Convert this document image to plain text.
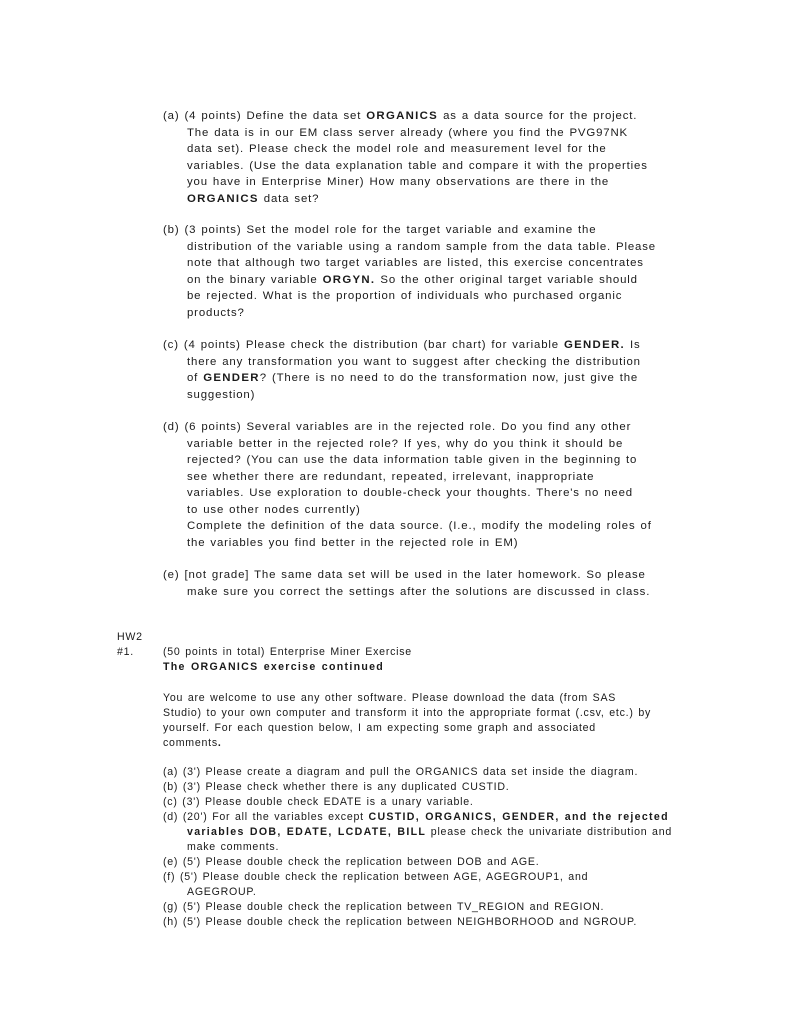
(a) (4 points) Define the data set ORGANICS as a data source for the project.
The data is in our EM class server already (where you find the PVG97NK
data set). Please check the model role and measurement level for the
variables. (Use the data explanation table and compare it with the properties
you have in Enterprise Miner) How many observations are there in the
ORGANICS data set?
(b) (3 points) Set the model role for the target variable and examine the
distribution of the variable using a random sample from the data table. Please
note that although two target variables are listed, this exercise concentrates
on the binary variable ORGYN. So the other original target variable should
be rejected. What is the proportion of individuals who purchased organic
products?
(c) (4 points) Please check the distribution (bar chart) for variable GENDER. Is
there any transformation you want to suggest after checking the distribution
of GENDER? (There is no need to do the transformation now, just give the
suggestion)
(d) (6 points) Several variables are in the rejected role. Do you find any other
variable better in the rejected role? If yes, why do you think it should be
rejected? (You can use the data information table given in the beginning to
see whether there are redundant, repeated, irrelevant, inappropriate
variables. Use exploration to double-check your thoughts. There's no need
to use other nodes currently)
Complete the definition of the data source. (I.e., modify the modeling roles of
the variables you find better in the rejected role in EM)
(e) [not grade] The same data set will be used in the later homework. So please
make sure you correct the settings after the solutions are discussed in class.
HW2
#1.	(50 points in total) Enterprise Miner Exercise
The ORGANICS exercise continued
You are welcome to use any other software. Please download the data (from SAS
Studio) to your own computer and transform it into the appropriate format (.csv, etc.) by
yourself. For each question below, I am expecting some graph and associated
comments.
(a) (3') Please create a diagram and pull the ORGANICS data set inside the diagram.
(b) (3') Please check whether there is any duplicated CUSTID.
(c) (3') Please double check EDATE is a unary variable.
(d) (20') For all the variables except CUSTID, ORGANICS, GENDER, and the rejected
variables DOB, EDATE, LCDATE, BILL please check the univariate distribution and
make comments.
(e) (5') Please double check the replication between DOB and AGE.
(f) (5') Please double check the replication between AGE, AGEGROUP1, and
AGEGROUP.
(g) (5') Please double check the replication between TV_REGION and REGION.
(h) (5') Please double check the replication between NEIGHBORHOOD and NGROUP.
